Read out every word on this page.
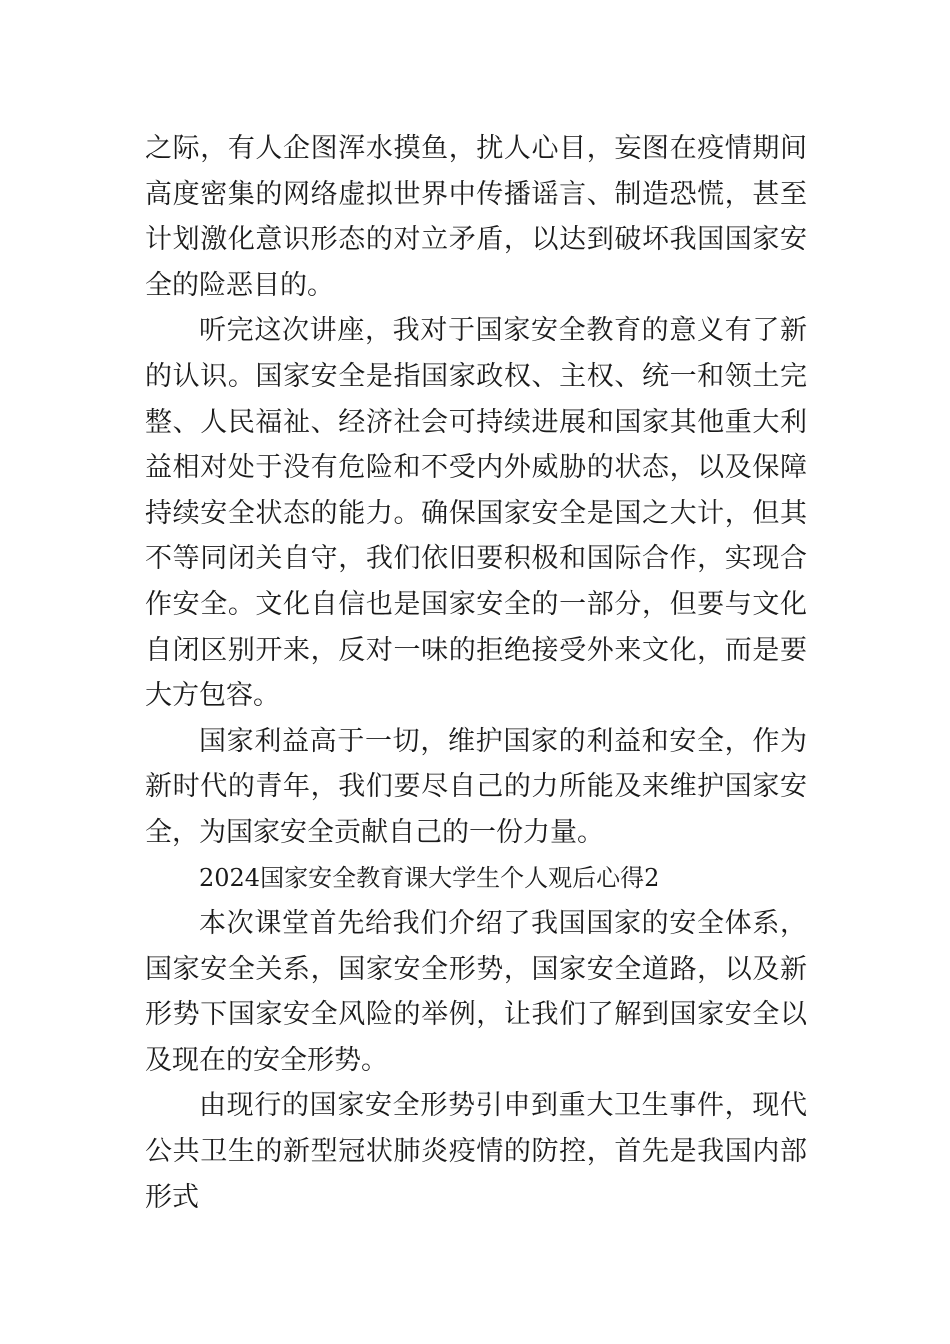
之际，有人企图浑水摸鱼，扰人心目，妄图在疫情期间高度密集的网络虚拟世界中传播谣言、制造恐慌，甚至计划激化意识形态的对立矛盾，以达到破坏我国国家安全的险恶目的。

听完这次讲座，我对于国家安全教育的意义有了新的认识。国家安全是指国家政权、主权、统一和领土完整、人民福祉、经济社会可持续进展和国家其他重大利益相对处于没有危险和不受内外威胁的状态，以及保障持续安全状态的能力。确保国家安全是国之大计，但其不等同闭关自守，我们依旧要积极和国际合作，实现合作安全。文化自信也是国家安全的一部分，但要与文化自闭区别开来，反对一味的拒绝接受外来文化，而是要大方包容。

国家利益高于一切，维护国家的利益和安全，作为新时代的青年，我们要尽自己的力所能及来维护国家安全，为国家安全贡献自己的一份力量。

2024国家安全教育课大学生个人观后心得2

本次课堂首先给我们介绍了我国国家的安全体系，国家安全关系，国家安全形势，国家安全道路，以及新形势下国家安全风险的举例，让我们了解到国家安全以及现在的安全形势。

由现行的国家安全形势引申到重大卫生事件，现代公共卫生的新型冠状肺炎疫情的防控，首先是我国内部形式
